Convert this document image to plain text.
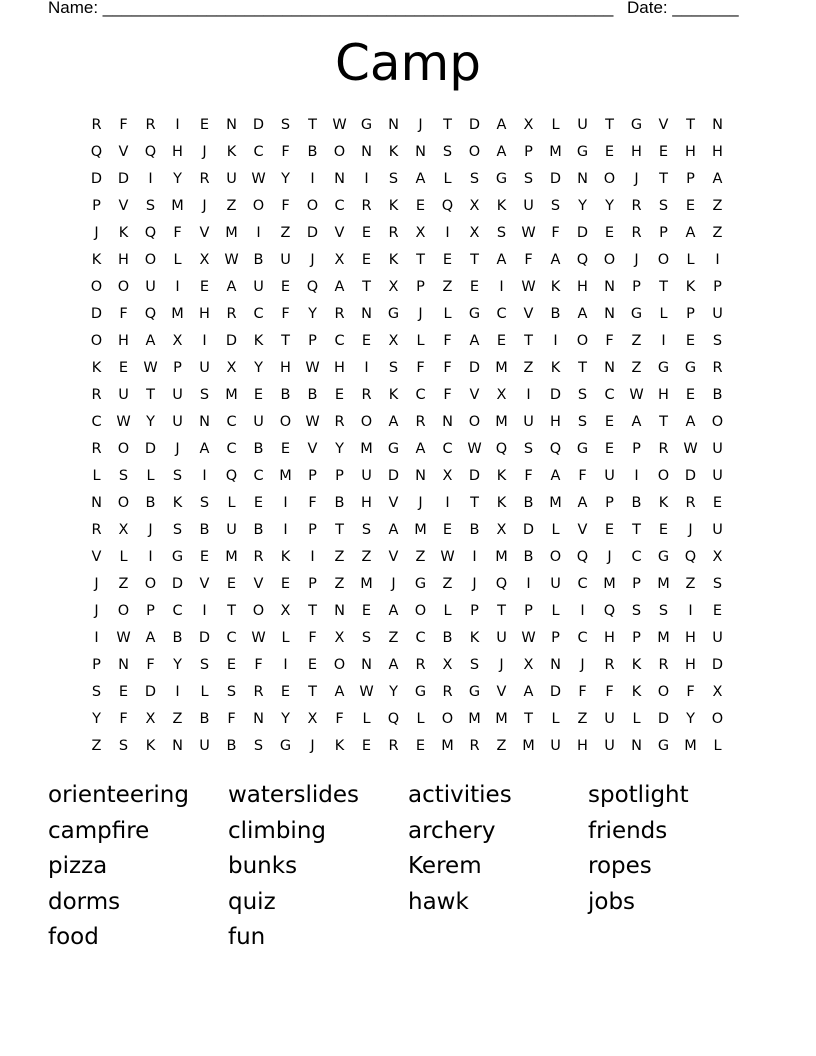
Name: ______________________________________________________ Date: _______
Camp
R	F	R	I	E	N	D	S	T	W G	N	J	T	D	A	X	L	U	T	G	V	T	N
Q	V	Q	H	J	K	C	F	B	O	N	K	N	S	O	A	P	M	G	E	H	E	H	H
D	D	I	Y	R	U	W	Y	I	N	I	S	A	L	S	G	S	D	N	O	J	T	P	A
P	V	S	M	J	Z	O	F	O	C	R	K	E	Q	X	K	U	S	Y	Y	R	S	E	Z
J	K	Q	F	V	M	I	Z	D	V	E	R	X	I	X	S	W	F	D	E	R	P	A	Z
K	H	O	L	X	W	B	U	J	X	E	K	T	E	T	A	F	A	Q	O	J	O	L	I
O	O	U	I	E	A	U	E	Q	A	T	X	P	Z	E	I	W	K	H	N	P	T	K	P
D	F	Q	M	H	R	C	F	Y	R	N	G	J	L	G	C	V	B	A	N	G	L	P	U
O	H	A	X	I	D	K	T	P	C	E	X	L	F	A	E	T	I	O	F	Z	I	E	S
K	E	W	P	U	X	Y	H W H	I	S	F	F	D	M	Z	K	T	N	Z	G	G	R
R	U	T	U	S	M	E	B	B	E	R	K	C	F	V	X	I	D	S	C	W H	E	B
C	W	Y	U	N	C	U	O W	R	O	A	R	N	O	M	U	H	S	E	A	T	A	O
R	O	D	J	A	C	B	E	V	Y	M	G	A	C	W Q	S	Q	G	E	P	R	W	U
L	S	L	S	I	Q	C	M	P	P	U	D	N	X	D	K	F	A	F	U	I	O	D	U
N	O	B	K	S	L	E	I	F	B	H	V	J	I	T	K	B	M	A	P	B	K	R	E
R	X	J	S	B	U	B	I	P	T	S	A	M	E	B	X	D	L	V	E	T	E	J	U
V	L	I	G	E	M	R	K	I	Z	Z	V	Z	W	I	M	B	O	Q	J	C	G	Q	X
J	Z	O	D	V	E	V	E	P	Z	M	J	G	Z	J	Q	I	U	C	M	P	M	Z	S
J	O	P	C	I	T	O	X	T	N	E	A	O	L	P	T	P	L	I	Q	S	S	I	E
I	W	A	B	D	C	W	L	F	X	S	Z	C	B	K	U	W	P	C	H	P	M	H	U
P	N	F	Y	S	E	F	I	E	O	N	A	R	X	S	J	X	N	J	R	K	R	H	D
S	E	D	I	L	S	R	E	T	A	W	Y	G	R	G	V	A	D	F	F	K	O	F	X
Y	F	X	Z	B	F	N	Y	X	F	L	Q	L	O	M M	T	L	Z	U	L	D	Y	O
Z	S	K	N	U	B	S	G	J	K	E	R	E	M	R	Z	M	U	H	U	N	G	M	L
orienteering	waterslides	activities	spotlight
campfire	climbing	archery	friends
pizza	bunks	Kerem	ropes
dorms	quiz	hawk	jobs
food	fun
